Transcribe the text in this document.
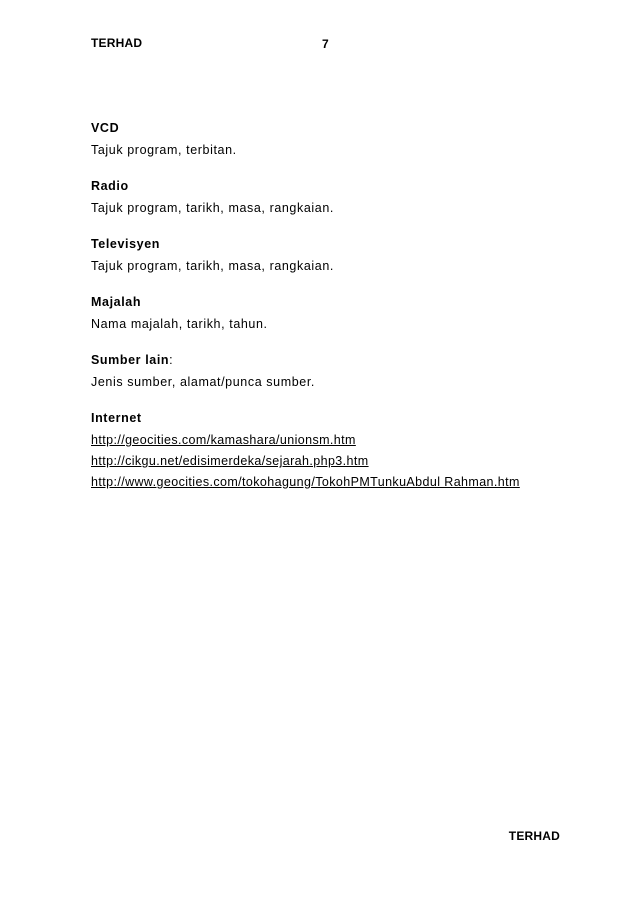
TERHAD	7
VCD
Tajuk program, terbitan.
Radio
Tajuk program, tarikh, masa, rangkaian.
Televisyen
Tajuk program, tarikh, masa, rangkaian.
Majalah
Nama majalah, tarikh, tahun.
Sumber lain:
Jenis sumber, alamat/punca sumber.
Internet
http://geocities.com/kamashara/unionsm.htm
http://cikgu.net/edisimerdeka/sejarah.php3.htm
http://www.geocities.com/tokohagung/TokohPMTunkuAbdul Rahman.htm
TERHAD
